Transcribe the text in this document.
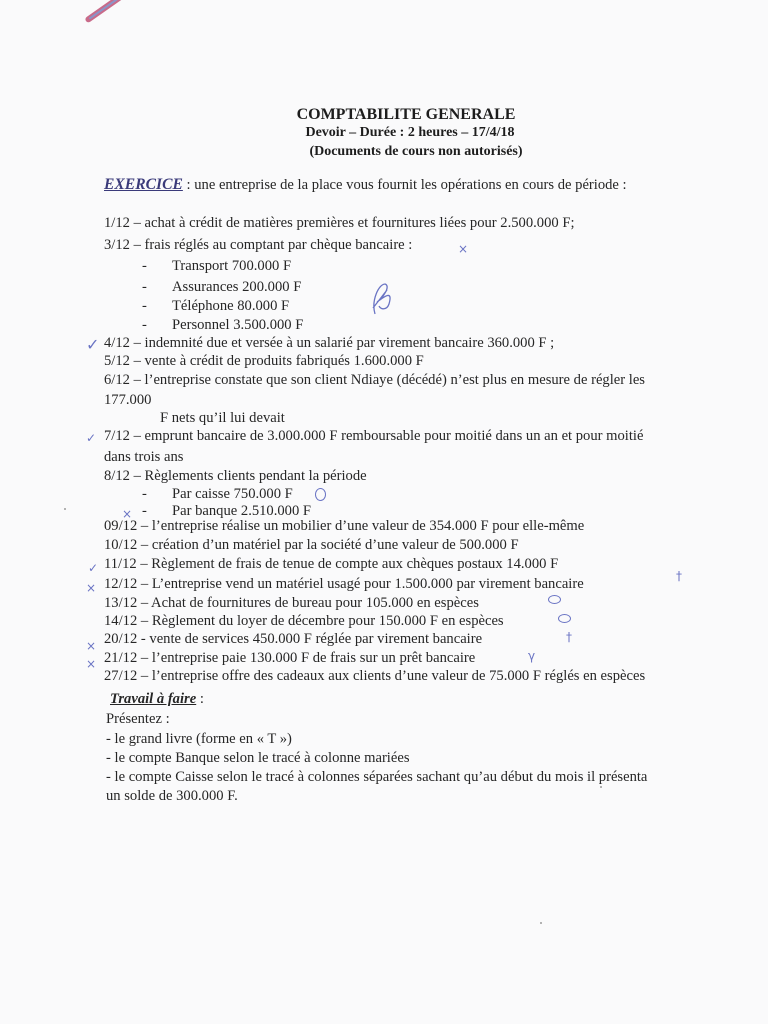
COMPTABILITE GENERALE
Devoir – Durée : 2 heures – 17/4/18
(Documents de cours non autorisés)
EXERCICE : une entreprise de la place vous fournit les opérations en cours de période :
1/12 – achat à crédit de matières premières et fournitures liées pour 2.500.000 F;
3/12 – frais réglés au comptant par chèque bancaire :	×
- Transport 700.000 F
- Assurances 200.000 F
- Téléphone 80.000 F
- Personnel 3.500.000 F
✓ 4/12 – indemnité due et versée à un salarié par virement bancaire 360.000 F ;
5/12 – vente à crédit de produits fabriqués 1.600.000 F
6/12 – l’entreprise constate que son client Ndiaye (décédé) n’est plus en mesure de régler les
177.000
F nets qu’il lui devait
✓ 7/12 – emprunt bancaire de 3.000.000 F remboursable pour moitié dans un an et pour moitié
dans trois ans
8/12 – Règlements clients pendant la période
- Par caisse 750.000 F
× - Par banque 2.510.000 F
09/12 – l’entreprise réalise un mobilier d’une valeur de 354.000 F pour elle-même
10/12 – création d’un matériel par la société d’une valeur de 500.000 F
✓ 11/12 – Règlement de frais de tenue de compte aux chèques postaux 14.000 F
× 12/12 – L’entreprise vend un matériel usagé pour 1.500.000 par virement bancaire	†
13/12 – Achat de fournitures de bureau pour 105.000 en espèces
14/12 – Règlement du loyer de décembre pour 150.000 F en espèces
× 20/12 - vente de services 450.000 F réglée par virement bancaire	†
× 21/12 – l’entreprise paie 130.000 F de frais sur un prêt bancaire	γ
27/12 – l’entreprise offre des cadeaux aux clients d’une valeur de 75.000 F réglés en espèces
Travail à faire :
Présentez :
- le grand livre (forme en « T »)
- le compte Banque selon le tracé à colonne mariées
- le compte Caisse selon le tracé à colonnes séparées sachant qu’au début du mois il présenta
un solde de 300.000 F.
